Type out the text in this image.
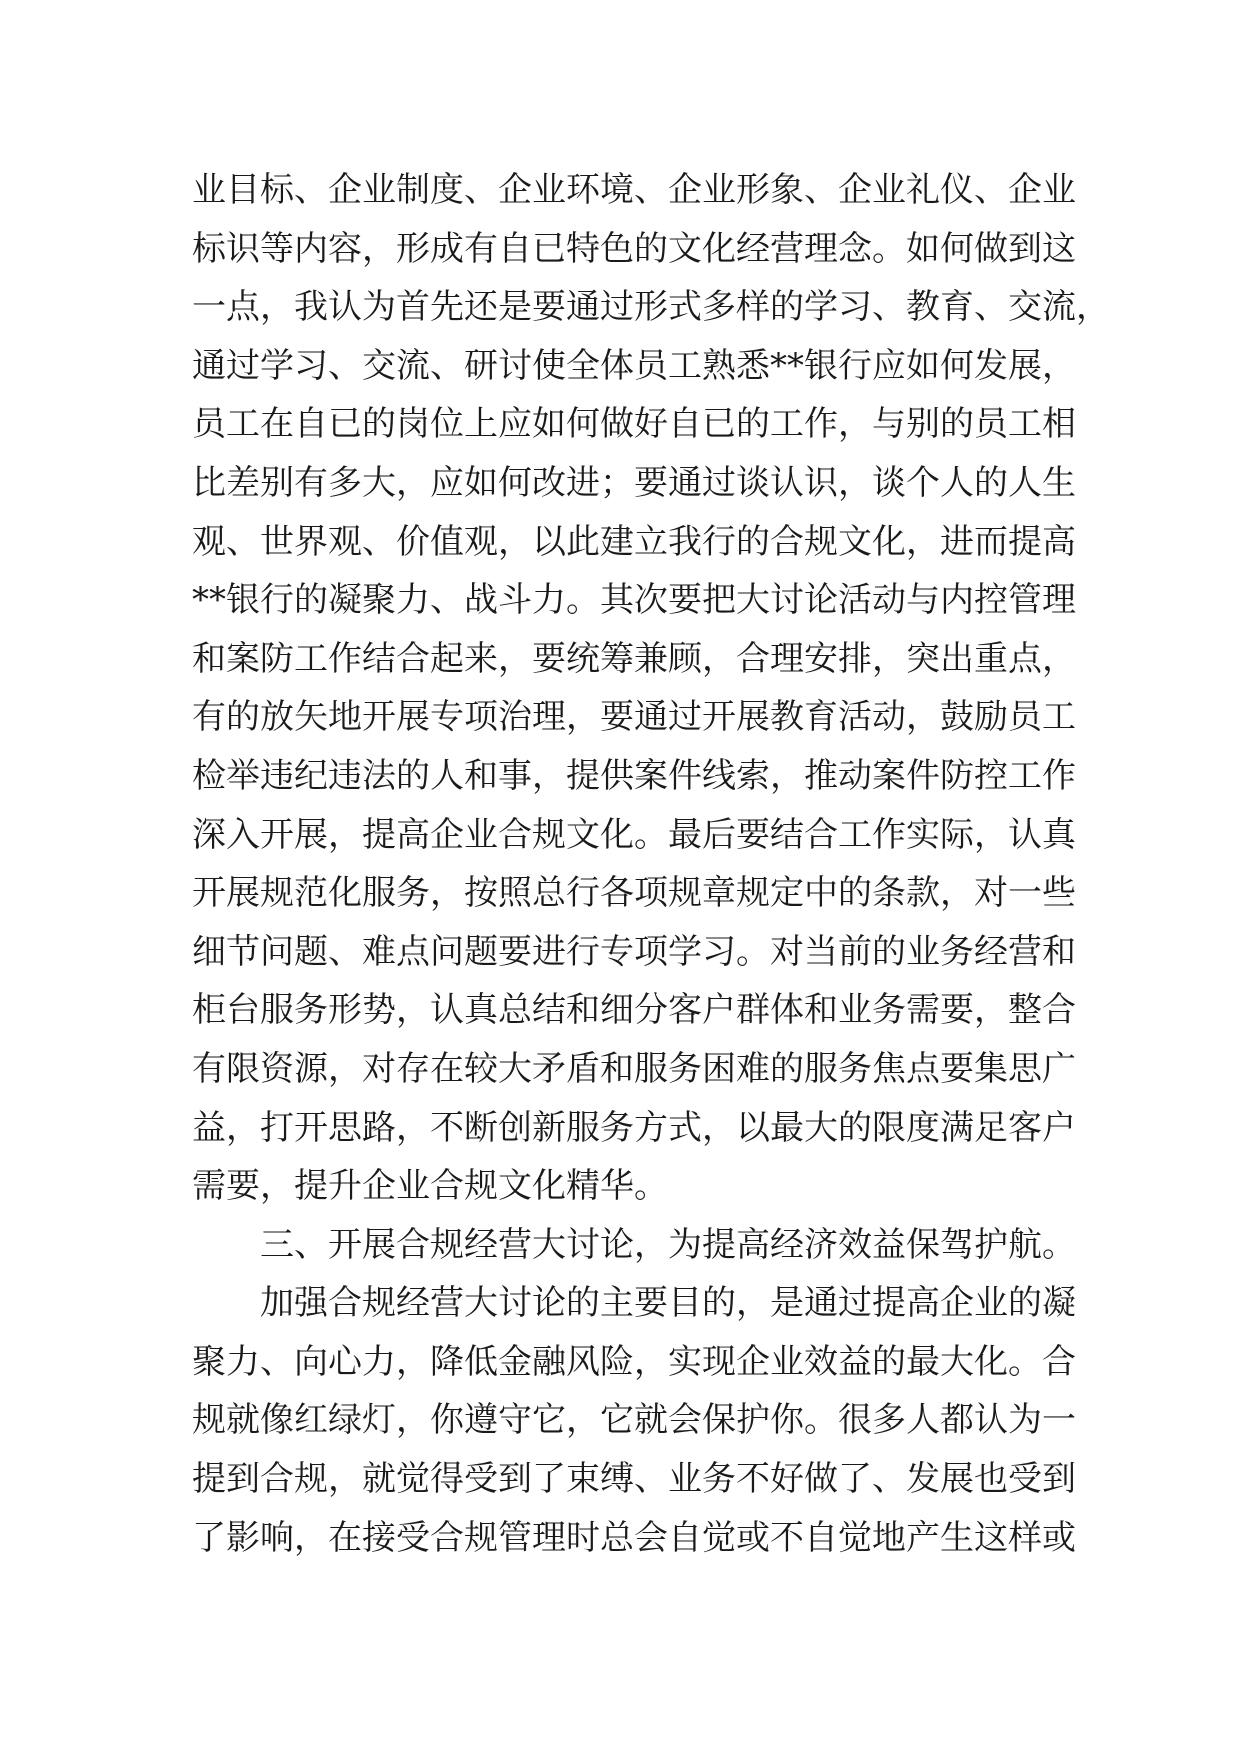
业目标、企业制度、企业环境、企业形象、企业礼仪、企业
标识等内容，形成有自已特色的文化经营理念。如何做到这
一点，我认为首先还是要通过形式多样的学习、教育、交流，
通过学习、交流、研讨使全体员工熟悉**银行应如何发展，
员工在自已的岗位上应如何做好自已的工作，与别的员工相
比差别有多大，应如何改进；要通过谈认识，谈个人的人生
观、世界观、价值观，以此建立我行的合规文化，进而提高
**银行的凝聚力、战斗力。其次要把大讨论活动与内控管理
和案防工作结合起来，要统筹兼顾，合理安排，突出重点，
有的放矢地开展专项治理，要通过开展教育活动，鼓励员工
检举违纪违法的人和事，提供案件线索，推动案件防控工作
深入开展，提高企业合规文化。最后要结合工作实际，认真
开展规范化服务，按照总行各项规章规定中的条款，对一些
细节问题、难点问题要进行专项学习。对当前的业务经营和
柜台服务形势，认真总结和细分客户群体和业务需要，整合
有限资源，对存在较大矛盾和服务困难的服务焦点要集思广
益，打开思路，不断创新服务方式，以最大的限度满足客户
需要，提升企业合规文化精华。
三、开展合规经营大讨论，为提高经济效益保驾护航。
加强合规经营大讨论的主要目的，是通过提高企业的凝
聚力、向心力，降低金融风险，实现企业效益的最大化。合
规就像红绿灯，你遵守它，它就会保护你。很多人都认为一
提到合规，就觉得受到了束缚、业务不好做了、发展也受到
了影响，在接受合规管理时总会自觉或不自觉地产生这样或
